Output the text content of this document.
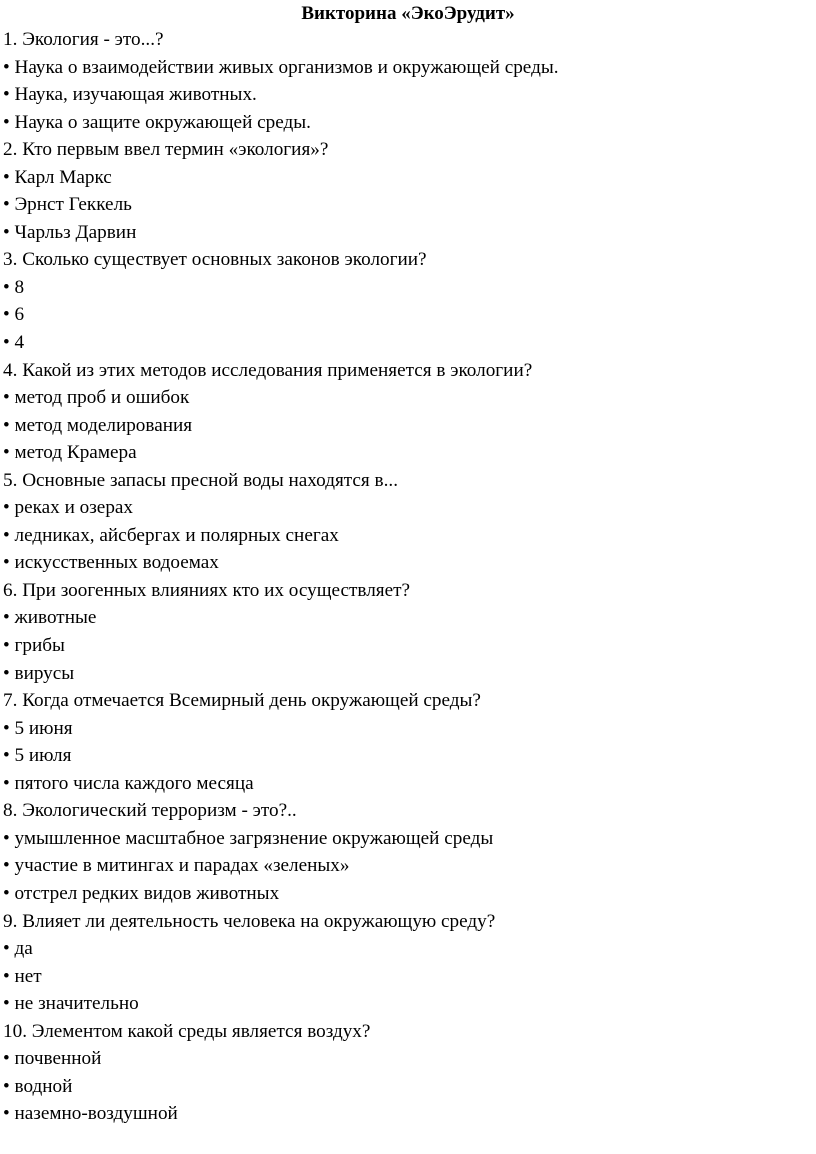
Викторина «ЭкоЭрудит»
1. Экология - это...?
• Наука о взаимодействии живых организмов и окружающей среды.
• Наука, изучающая животных.
• Наука о защите окружающей среды.
2. Кто первым ввел термин «экология»?
• Карл Маркс
• Эрнст Геккель
• Чарльз Дарвин
3. Сколько существует основных законов экологии?
• 8
• 6
• 4
4. Какой из этих методов исследования применяется в экологии?
• метод проб и ошибок
• метод моделирования
• метод Крамера
5. Основные запасы пресной воды находятся в...
• реках и озерах
• ледниках, айсбергах и полярных снегах
• искусственных водоемах
6. При зоогенных влияниях кто их осуществляет?
• животные
• грибы
• вирусы
7. Когда отмечается Всемирный день окружающей среды?
• 5 июня
• 5 июля
• пятого числа каждого месяца
8. Экологический терроризм - это?..
• умышленное масштабное загрязнение окружающей среды
• участие в митингах и парадах «зеленых»
• отстрел редких видов животных
9. Влияет ли деятельность человека на окружающую среду?
• да
• нет
• не значительно
10. Элементом какой среды является воздух?
• почвенной
• водной
• наземно-воздушной
